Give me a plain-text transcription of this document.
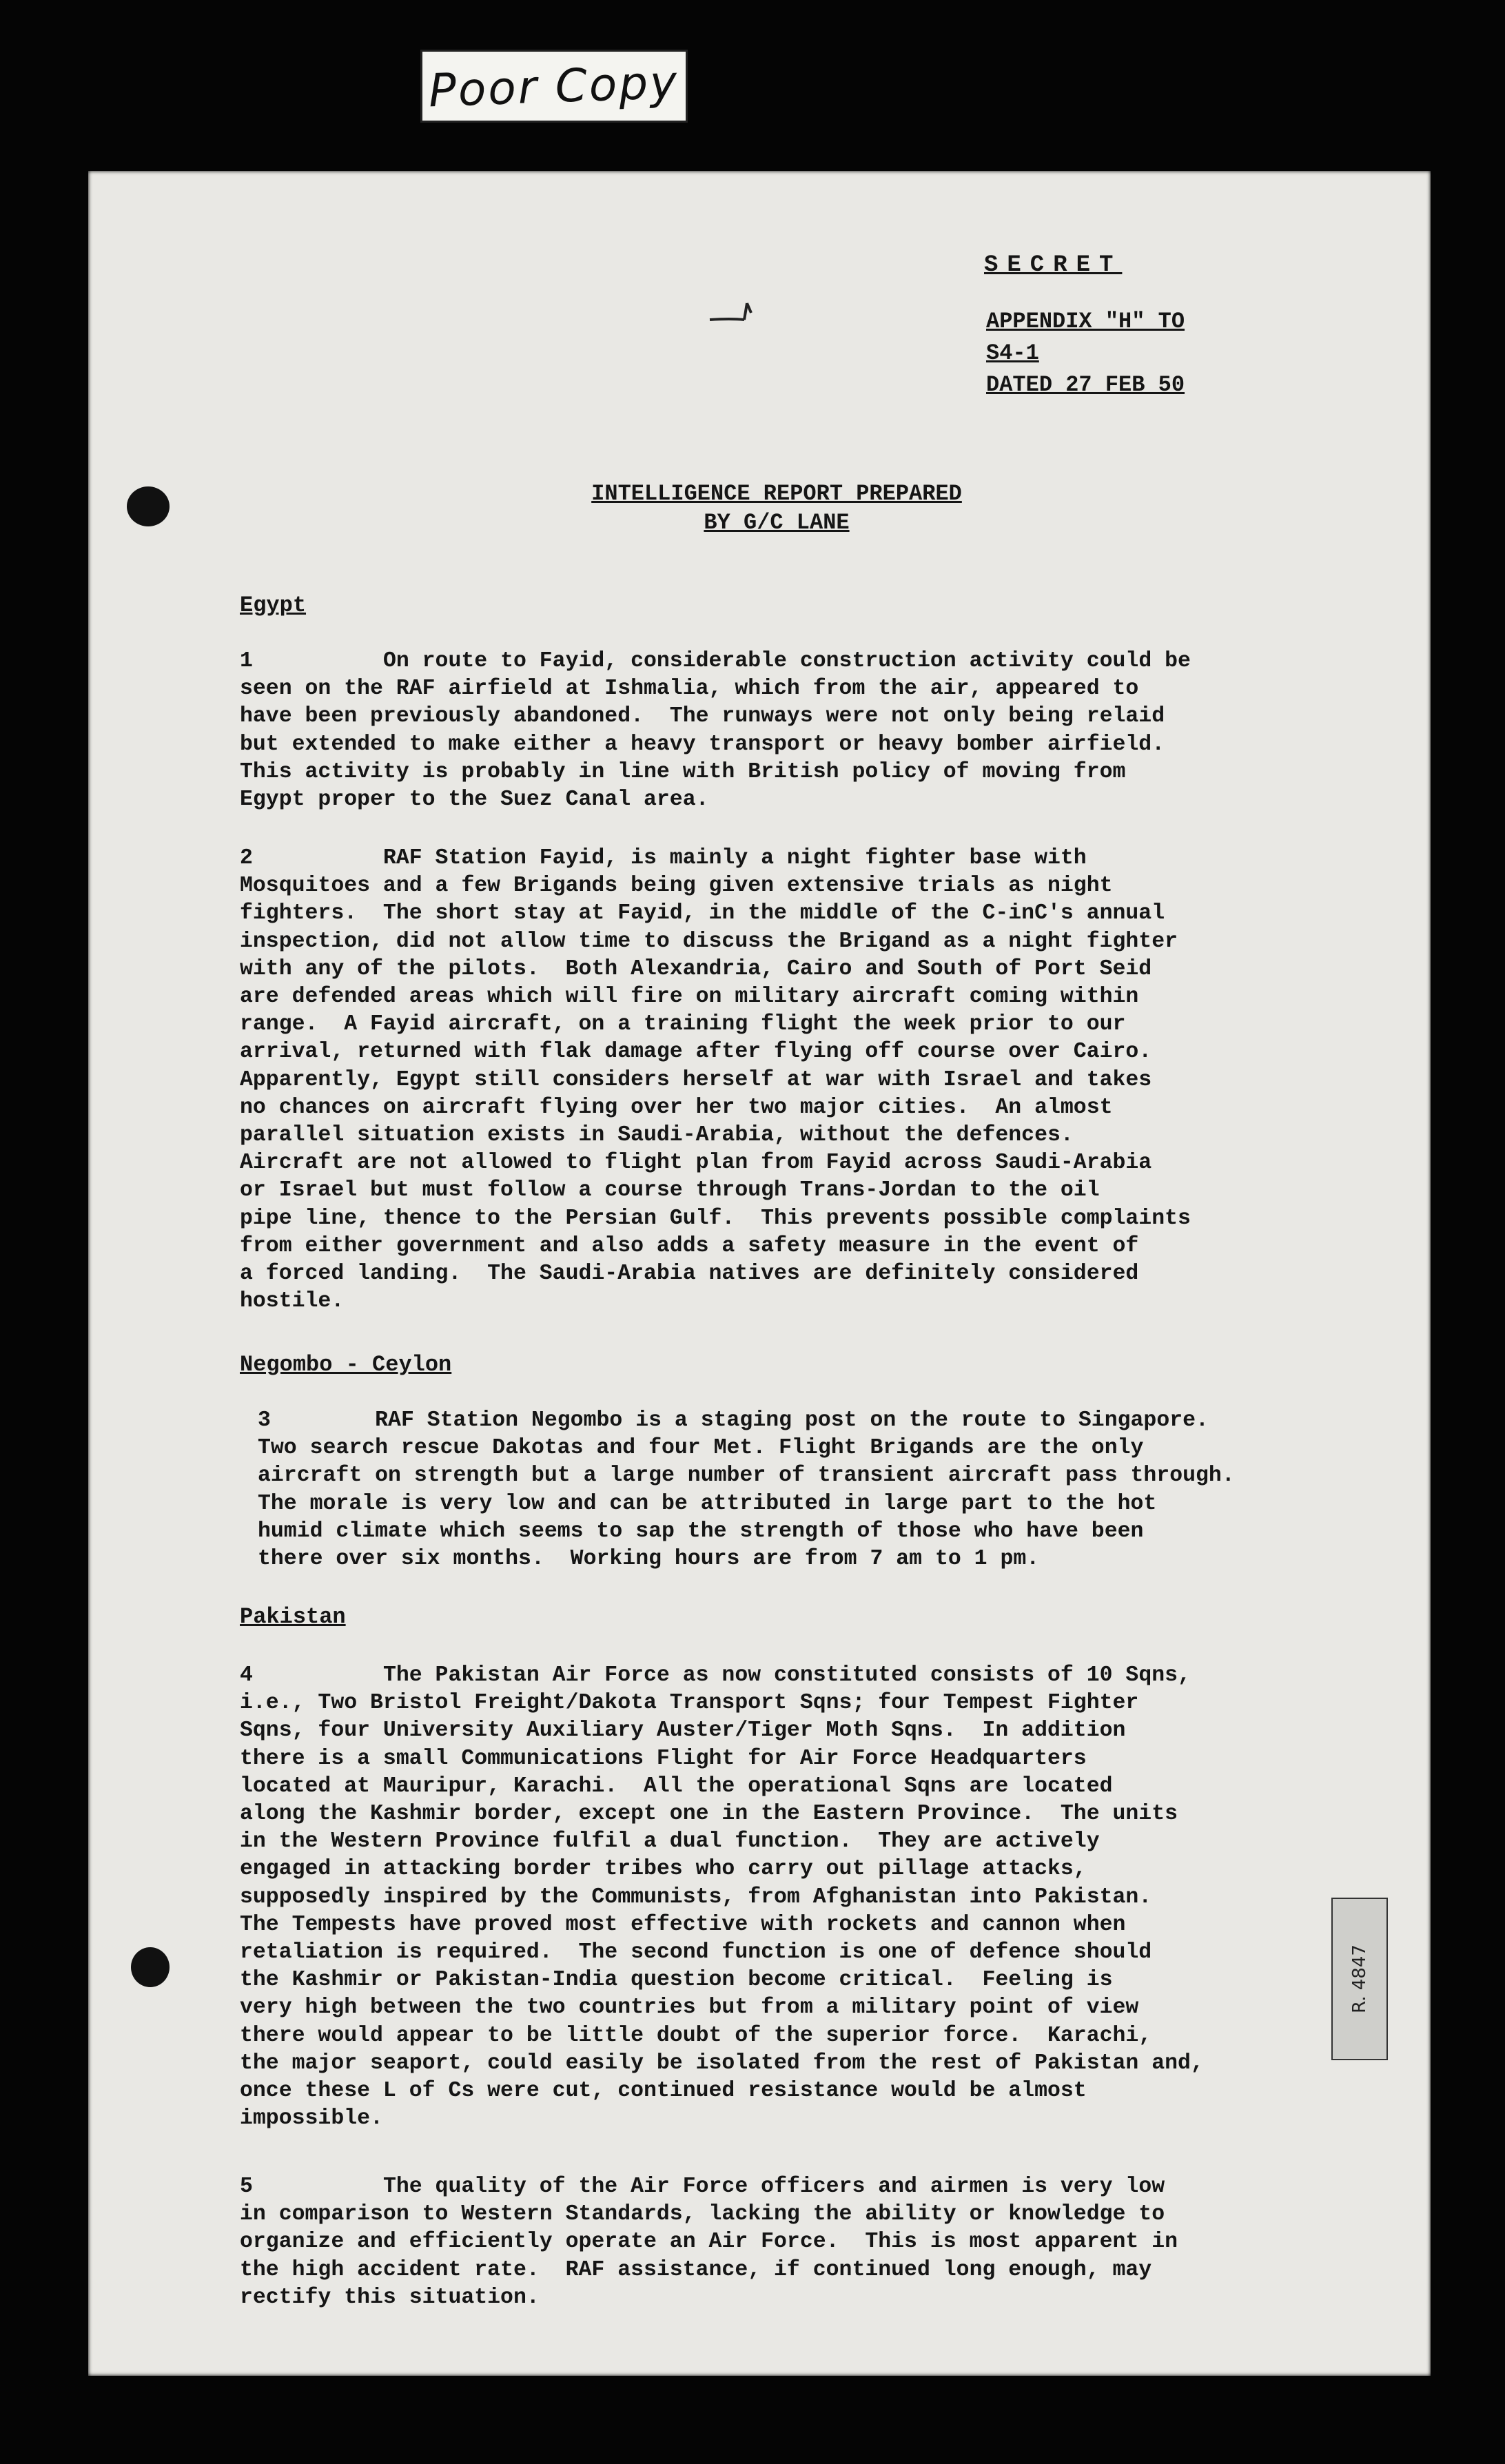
Poor Copy
SECRET
APPENDIX "H" TO
S4-1
DATED 27 FEB 50
INTELLIGENCE REPORT PREPARED
BY G/C LANE
Egypt
1	On route to Fayid, considerable construction activity could be
seen on the RAF airfield at Ishmalia, which from the air, appeared to
have been previously abandoned.  The runways were not only being relaid
but extended to make either a heavy transport or heavy bomber airfield.
This activity is probably in line with British policy of moving from
Egypt proper to the Suez Canal area.
2	RAF Station Fayid, is mainly a night fighter base with
Mosquitoes and a few Brigands being given extensive trials as night
fighters.  The short stay at Fayid, in the middle of the C-inC's annual
inspection, did not allow time to discuss the Brigand as a night fighter
with any of the pilots.  Both Alexandria, Cairo and South of Port Seid
are defended areas which will fire on military aircraft coming within
range.  A Fayid aircraft, on a training flight the week prior to our
arrival, returned with flak damage after flying off course over Cairo.
Apparently, Egypt still considers herself at war with Israel and takes
no chances on aircraft flying over her two major cities.  An almost
parallel situation exists in Saudi-Arabia, without the defences.
Aircraft are not allowed to flight plan from Fayid across Saudi-Arabia
or Israel but must follow a course through Trans-Jordan to the oil
pipe line, thence to the Persian Gulf.  This prevents possible complaints
from either government and also adds a safety measure in the event of
a forced landing.  The Saudi-Arabia natives are definitely considered
hostile.
Negombo - Ceylon
3	RAF Station Negombo is a staging post on the route to Singapore.
Two search rescue Dakotas and four Met. Flight Brigands are the only
aircraft on strength but a large number of transient aircraft pass through.
The morale is very low and can be attributed in large part to the hot
humid climate which seems to sap the strength of those who have been
there over six months.  Working hours are from 7 am to 1 pm.
Pakistan
4	The Pakistan Air Force as now constituted consists of 10 Sqns,
i.e., Two Bristol Freight/Dakota Transport Sqns; four Tempest Fighter
Sqns, four University Auxiliary Auster/Tiger Moth Sqns.  In addition
there is a small Communications Flight for Air Force Headquarters
located at Mauripur, Karachi.  All the operational Sqns are located
along the Kashmir border, except one in the Eastern Province.  The units
in the Western Province fulfil a dual function.  They are actively
engaged in attacking border tribes who carry out pillage attacks,
supposedly inspired by the Communists, from Afghanistan into Pakistan.
The Tempests have proved most effective with rockets and cannon when
retaliation is required.  The second function is one of defence should
the Kashmir or Pakistan-India question become critical.  Feeling is
very high between the two countries but from a military point of view
there would appear to be little doubt of the superior force.  Karachi,
the major seaport, could easily be isolated from the rest of Pakistan and,
once these L of Cs were cut, continued resistance would be almost
impossible.
5	The quality of the Air Force officers and airmen is very low
in comparison to Western Standards, lacking the ability or knowledge to
organize and efficiently operate an Air Force.  This is most apparent in
the high accident rate.  RAF assistance, if continued long enough, may
rectify this situation.
R. 4847
